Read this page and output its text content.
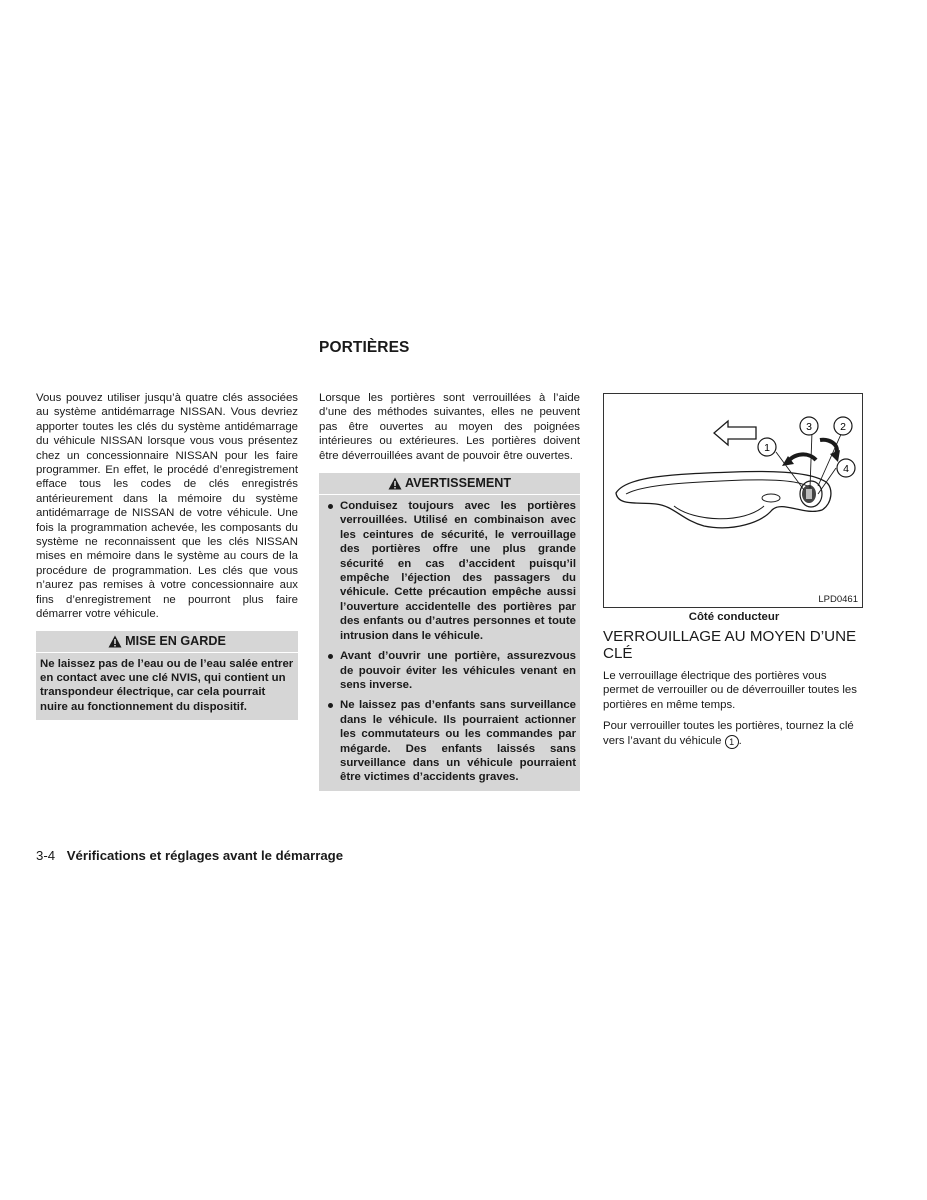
PORTIÈRES

Vous pouvez utiliser jusqu’à quatre clés associées au système antidémarrage NISSAN. Vous devriez apporter toutes les clés du système antidémarrage du véhicule NISSAN lorsque vous vous présentez chez un concessionnaire NISSAN pour les faire programmer. En effet, le procédé d’enregistrement efface tous les codes de clés enregistrés antérieurement dans la mémoire du système antidémarrage de NISSAN de votre véhicule. Une fois la programmation achevée, les composants du système ne reconnaissent que les clés NISSAN mises en mémoire dans le système au cours de la procédure de programmation. Les clés que vous n’aurez pas remises à votre concessionnaire aux fins d’enregistrement ne pourront plus faire démarrer votre véhicule.

MISE EN GARDE

Ne laissez pas de l’eau ou de l’eau salée entrer en contact avec une clé NVIS, qui contient un transpondeur électrique, car cela pourrait nuire au fonctionnement du dispositif.

Lorsque les portières sont verrouillées à l’aide d’une des méthodes suivantes, elles ne peuvent pas être ouvertes au moyen des poignées intérieures ou extérieures. Les portières doivent être déverrouillées avant de pouvoir être ouvertes.

AVERTISSEMENT
Conduisez toujours avec les portières verrouillées. Utilisé en combinaison avec les ceintures de sécurité, le verrouillage des portières offre une plus grande sécurité en cas d’accident puisqu’il empêche l’éjection des passagers du véhicule. Cette précaution empêche aussi l’ouverture accidentelle des portières par des enfants ou d’autres personnes et toute intrusion dans le véhicule.
Avant d’ouvrir une portière, assurezvous de pouvoir éviter les véhicules venant en sens inverse.
Ne laissez pas d’enfants sans surveillance dans le véhicule. Ils pourraient actionner les commutateurs ou les commandes par mégarde. Des enfants laissés sans surveillance dans un véhicule pourraient être victimes d’accidents graves.
1
3	2
4
LPD0461
Côté conducteur
VERROUILLAGE AU MOYEN D’UNE CLÉ

Le verrouillage électrique des portières vous permet de verrouiller ou de déverrouiller toutes les portières en même temps.

Pour verrouiller toutes les portières, tournez la clé vers l’avant du véhicule 1 .

3-4 Vérifications et réglages avant le démarrage
